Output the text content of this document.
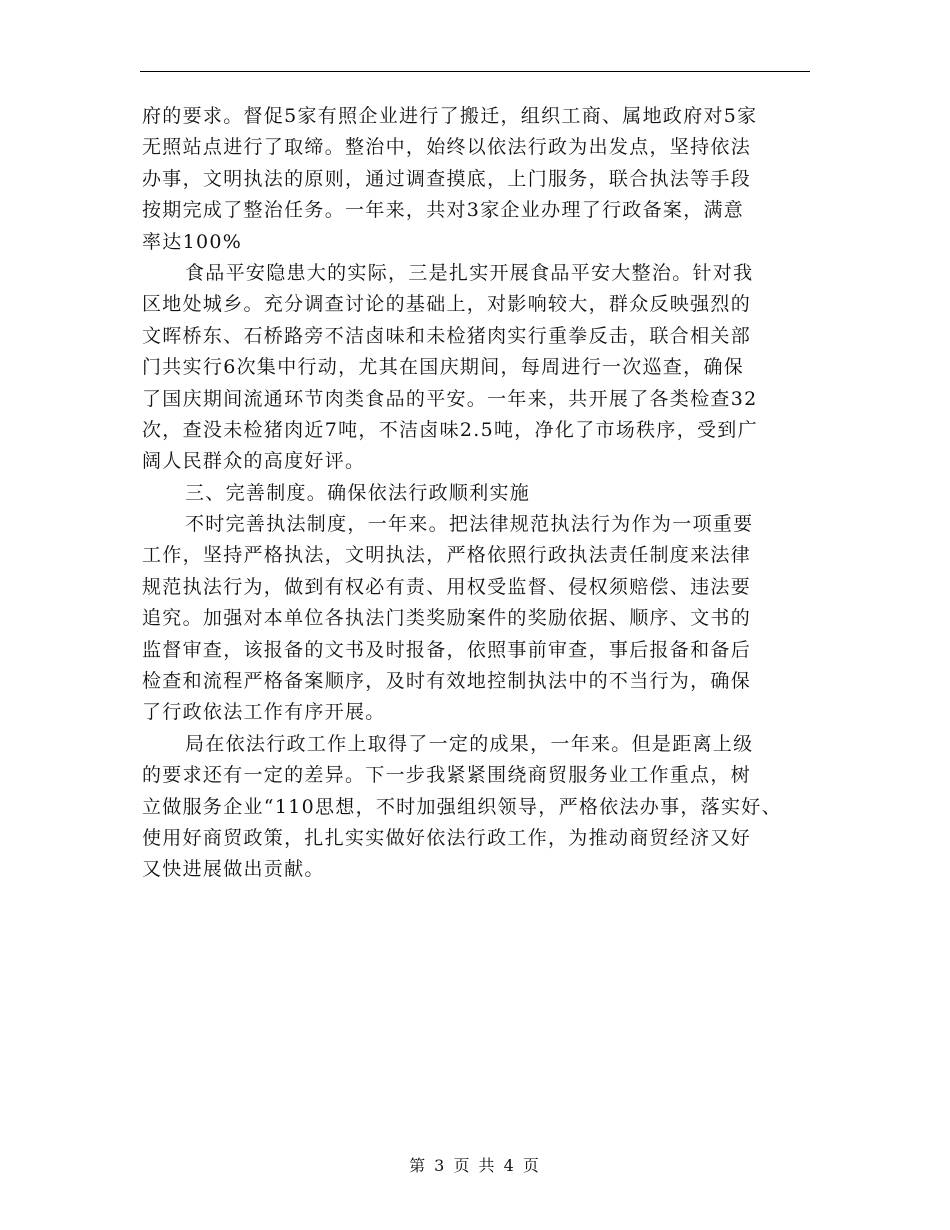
府的要求。督促5家有照企业进行了搬迁，组织工商、属地政府对5家
无照站点进行了取缔。整治中，始终以依法行政为出发点，坚持依法
办事，文明执法的原则，通过调查摸底，上门服务，联合执法等手段
按期完成了整治任务。一年来，共对3家企业办理了行政备案，满意
率达100%
食品平安隐患大的实际，三是扎实开展食品平安大整治。针对我
区地处城乡。充分调查讨论的基础上，对影响较大，群众反映强烈的
文晖桥东、石桥路旁不洁卤味和未检猪肉实行重拳反击，联合相关部
门共实行6次集中行动，尤其在国庆期间，每周进行一次巡查，确保
了国庆期间流通环节肉类食品的平安。一年来，共开展了各类检查32
次，查没未检猪肉近7吨，不洁卤味2.5吨，净化了市场秩序，受到广
阔人民群众的高度好评。
三、完善制度。确保依法行政顺利实施
不时完善执法制度，一年来。把法律规范执法行为作为一项重要
工作，坚持严格执法，文明执法，严格依照行政执法责任制度来法律
规范执法行为，做到有权必有责、用权受监督、侵权须赔偿、违法要
追究。加强对本单位各执法门类奖励案件的奖励依据、顺序、文书的
监督审查，该报备的文书及时报备，依照事前审查，事后报备和备后
检查和流程严格备案顺序，及时有效地控制执法中的不当行为，确保
了行政依法工作有序开展。
局在依法行政工作上取得了一定的成果，一年来。但是距离上级
的要求还有一定的差异。下一步我紧紧围绕商贸服务业工作重点，树
立做服务企业“110思想，不时加强组织领导，严格依法办事，落实好、
使用好商贸政策，扎扎实实做好依法行政工作，为推动商贸经济又好
又快进展做出贡献。
第 3 页 共 4 页
